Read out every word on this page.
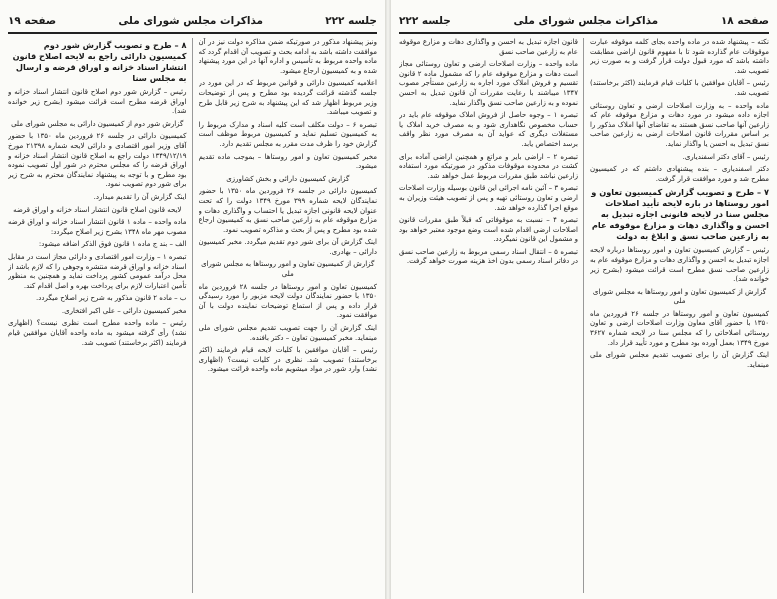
جلسه ٢٢٢
مذاکرات مجلس شورای ملی
صفحه ١٩
ونیز پیشنهاد مذکور در صورتیکه ضمن مذاکره دولت نیز در آن موافقت داشته باشد به ادامه بحث و تصویب آن اقدام گردد که ماده واحده مربوط به تأسیس و اداره آنها در این مورد پیشنهاد شده و به کمیسیون ارجاع میشود.
اعلامیه کمیسیون دارائی و قوانین مربوط که در این مورد در جلسه گذشته قرائت گردیده بود مطرح و پس از توضیحات وزیر مربوط اظهار شد که این پیشنهاد به شرح زیر قابل طرح و تصویب میباشد.
تبصره ۶ – دولت مکلف است کلیه اسناد و مدارک مربوط را به کمیسیون تسلیم نماید و کمیسیون مربوط موظف است گزارش خود را ظرف مدت مقرر به مجلس تقدیم دارد.
مخبر کمیسیون تعاون و امور روستاها – بموجب ماده تقدیم میشود.
گزارش کمیسیون دارائی و بخش کشاورزی
کمیسیون دارائی در جلسه ۲۶ فروردین ماه ۱۳۵۰ با حضور نمایندگان لایحه شماره ۳۹۹ مورخ ۱۳۴۹ دولت را که تحت عنوان لایحه قانونی اجازه تبدیل یا احتساب و واگذاری دهات و مزارع موقوفه عام به زارعین صاحب نسق به کمیسیون ارجاع شده بود مطرح و پس از بحث و مذاکره تصویب نمود.
اینک گزارش آن برای شور دوم تقدیم میگردد. مخبر کمیسیون دارائی – بهادری.
گزارش از کمیسیون تعاون و امور روستاها به مجلس شورای ملی
کمیسیون تعاون و امور روستاها در جلسه ۲۸ فروردین ماه ۱۳۵۰ با حضور نمایندگان دولت لایحه مزبور را مورد رسیدگی قرار داده و پس از استماع توضیحات نماینده دولت با آن موافقت نمود.
اینک گزارش آن را جهت تصویب تقدیم مجلس شورای ملی مینماید. مخبر کمیسیون تعاون – دکتر بافنده.
رئیس – آقایان موافقین با کلیات لایحه قیام فرمایند (اکثر برخاستند) تصویب شد. نظری در کلیات نیست؟ (اظهاری نشد) وارد شور در مواد میشویم ماده واحده قرائت میشود.
۸ – طرح و تصویب گزارش شور دوم کمیسیون دارائی راجع به لایحه اصلاح قانون انتشار اسناد خزانه و اوراق قرضه و ارسال به مجلس سنا
رئیس – گزارش شور دوم اصلاح قانون انتشار اسناد خزانه و اوراق قرضه مطرح است قرائت میشود (بشرح زیر خوانده شد).
گزارش شور دوم از کمیسیون دارائی به مجلس شورای ملی
کمیسیون دارائی در جلسه ۲۶ فروردین ماه ۱۳۵۰ با حضور آقای وزیر امور اقتصادی و دارائی لایحه شماره ۲۱۳۹۸ مورخ ۱۳۴۹/۱۲/۱۹ دولت راجع به اصلاح قانون انتشار اسناد خزانه و اوراق قرضه را که مجلس محترم در شور اول تصویب نموده بود مطرح و با توجه به پیشنهاد نمایندگان محترم به شرح زیر برای شور دوم تصویب نمود.
اینک گزارش آن را تقدیم میدارد.
لایحه قانون اصلاح قانون انتشار اسناد خزانه و اوراق قرضه
ماده واحده – ماده ۱ قانون انتشار اسناد خزانه و اوراق قرضه مصوب مهر ماه ۱۳۴۸ بشرح زیر اصلاح میگردد:
الف – بند ج ماده ۱ قانون فوق الذکر اضافه میشود:
تبصره ۱ – وزارت امور اقتصادی و دارائی مجاز است در مقابل اسناد خزانه و اوراق قرضه منتشره وجوهی را که لازم باشد از محل درآمد عمومی کشور پرداخت نماید و همچنین به منظور تأمین اعتبارات لازم برای پرداخت بهره و اصل اقدام کند.
ب – ماده ۲ قانون مذکور به شرح زیر اصلاح میگردد.
مخبر کمیسیون دارائی – علی اکبر افتخاری.
رئیس – ماده واحده مطرح است نظری نیست؟ (اظهاری نشد) رأی گرفته میشود به ماده واحده آقایان موافقین قیام فرمایند (اکثر برخاستند) تصویب شد.
صفحه ١٨
مذاکرات مجلس شورای ملی
جلسه ٢٢٢
نکته – پیشنهاد شده در ماده واحده بجای کلمه موقوفه عبارت موقوفات عام گذارده شود تا با مفهوم قانون اراضی مطابقت داشته باشد که مورد قبول دولت قرار گرفت و به صورت زیر تصویب شد.
رئیس – آقایان موافقین با کلیات قیام فرمایند (اکثر برخاستند) تصویب شد.
ماده واحده – به وزارت اصلاحات ارضی و تعاون روستائی اجازه داده میشود در مورد دهات و مزارع موقوفه عام که زارعین آنها صاحب نسق هستند به تقاضای آنها املاک مذکور را بر اساس مقررات قانون اصلاحات ارضی به زارعین صاحب نسق تبدیل به احسن یا واگذار نماید.
رئیس – آقای دکتر اسفندیاری.
دکتر اسفندیاری – بنده پیشنهادی داشتم که در کمیسیون مطرح شد و مورد موافقت قرار گرفت.
۷ – طرح و تصویب گزارش کمیسیون تعاون و امور روستاها در باره لایحه تأیید اصلاحات مجلس سنا در لایحه قانونی اجازه تبدیل به احسن و واگذاری دهات و مزارع موقوفه عام به زارعین صاحب نسق و ابلاغ به دولت
رئیس – گزارش کمیسیون تعاون و امور روستاها درباره لایحه اجازه تبدیل به احسن و واگذاری دهات و مزارع موقوفه عام به زارعین صاحب نسق مطرح است قرائت میشود (بشرح زیر خوانده شد).
گزارش از کمیسیون تعاون و امور روستاها به مجلس شورای ملی
کمیسیون تعاون و امور روستاها در جلسه ۲۶ فروردین ماه ۱۳۵۰ با حضور آقای معاون وزارت اصلاحات ارضی و تعاون روستائی اصلاحاتی را که مجلس سنا در لایحه شماره ۳۶۲۷ مورخ ۱۳۴۹ بعمل آورده بود مطرح و مورد تأیید قرار داد.
اینک گزارش آن را برای تصویب تقدیم مجلس شورای ملی مینماید.
قانون اجازه تبدیل به احسن و واگذاری دهات و مزارع موقوفه عام به زارعین صاحب نسق
ماده واحده – وزارت اصلاحات ارضی و تعاون روستائی مجاز است دهات و مزارع موقوفه عام را که مشمول ماده ۲ قانون تقسیم و فروش املاک مورد اجاره به زارعین مستأجر مصوب ۱۳۴۷ میباشند با رعایت مقررات آن قانون تبدیل به احسن نموده و به زارعین صاحب نسق واگذار نماید.
تبصره ۱ – وجوه حاصل از فروش املاک موقوفه عام باید در حساب مخصوص نگاهداری شود و به مصرف خرید املاک یا مستغلات دیگری که عواید آن به مصرف مورد نظر واقف برسد اختصاص یابد.
تبصره ۲ – اراضی بایر و مراتع و همچنین اراضی آماده برای کشت در محدوده موقوفات مذکور در صورتیکه مورد استفاده زارعین نباشد طبق مقررات مربوط عمل خواهد شد.
تبصره ۳ – آئین نامه اجرائی این قانون بوسیله وزارت اصلاحات ارضی و تعاون روستائی تهیه و پس از تصویب هیئت وزیران به موقع اجرا گذارده خواهد شد.
تبصره ۴ – نسبت به موقوفاتی که قبلاً طبق مقررات قانون اصلاحات ارضی اقدام شده است وضع موجود معتبر خواهد بود و مشمول این قانون نمیگردد.
تبصره ۵ – انتقال اسناد رسمی مربوط به زارعین صاحب نسق در دفاتر اسناد رسمی بدون اخذ هزینه صورت خواهد گرفت.
